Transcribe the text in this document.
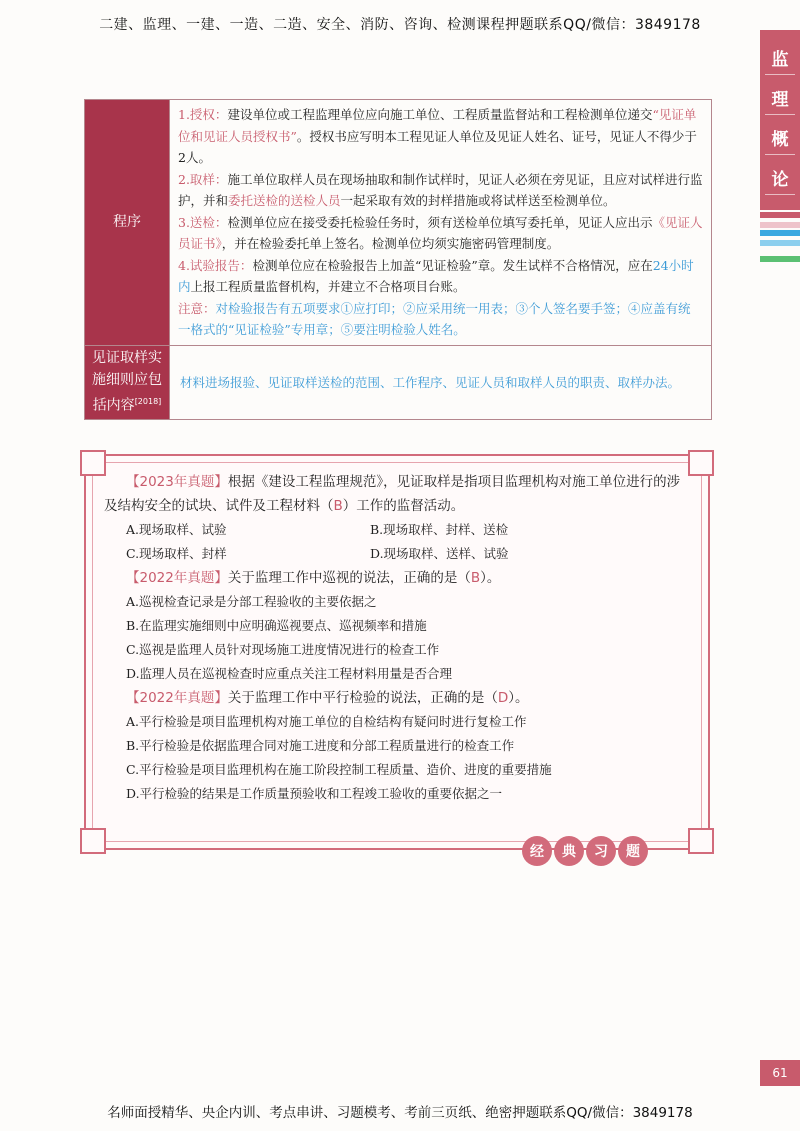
二建、监理、一建、一造、二造、安全、消防、咨询、检测课程押题联系QQ/微信：3849178
监
理
概
论
程序	1.授权：建设单位或工程监理单位应向施工单位、工程质量监督站和工程检测单位递交“见证单位和见证人员授权书”。授权书应写明本工程见证人单位及见证人姓名、证号，见证人不得少于2人。

2.取样：施工单位取样人员在现场抽取和制作试样时，见证人必须在旁见证，且应对试样进行监护，并和委托送检的送检人员一起采取有效的封样措施或将试样送至检测单位。

3.送检：检测单位应在接受委托检验任务时，须有送检单位填写委托单，见证人应出示《见证人员证书》，并在检验委托单上签名。检测单位均须实施密码管理制度。

4.试验报告：检测单位应在检验报告上加盖“见证检验”章。发生试样不合格情况，应在24小时内上报工程质量监督机构，并建立不合格项目台账。

注意：对检验报告有五项要求①应打印；②应采用统一用表；③个人签名要手签；④应盖有统一格式的“见证检验”专用章；⑤要注明检验人姓名。

见证取样实施细则应包括内容[2018]	材料进场报验、见证取样送检的范围、工作程序、见证人员和取样人员的职责、取样办法。

【2023年真题】根据《建设工程监理规范》，见证取样是指项目监理机构对施工单位进行的涉及结构安全的试块、试件及工程材料（B）工作的监督活动。

A.现场取样、试验	B.现场取样、封样、送检

C.现场取样、封样	D.现场取样、送样、试验

【2022年真题】关于监理工作中巡视的说法，正确的是（B）。

A.巡视检查记录是分部工程验收的主要依据之

B.在监理实施细则中应明确巡视要点、巡视频率和措施

C.巡视是监理人员针对现场施工进度情况进行的检查工作

D.监理人员在巡视检查时应重点关注工程材料用量是否合理

【2022年真题】关于监理工作中平行检验的说法，正确的是（D）。

A.平行检验是项目监理机构对施工单位的自检结构有疑问时进行复检工作

B.平行检验是依据监理合同对施工进度和分部工程质量进行的检查工作

C.平行检验是项目监理机构在施工阶段控制工程质量、造价、进度的重要措施

D.平行检验的结果是工作质量预验收和工程竣工验收的重要依据之一

经	典	习	题
61
名师面授精华、央企内训、考点串讲、习题模考、考前三页纸、绝密押题联系QQ/微信：3849178
